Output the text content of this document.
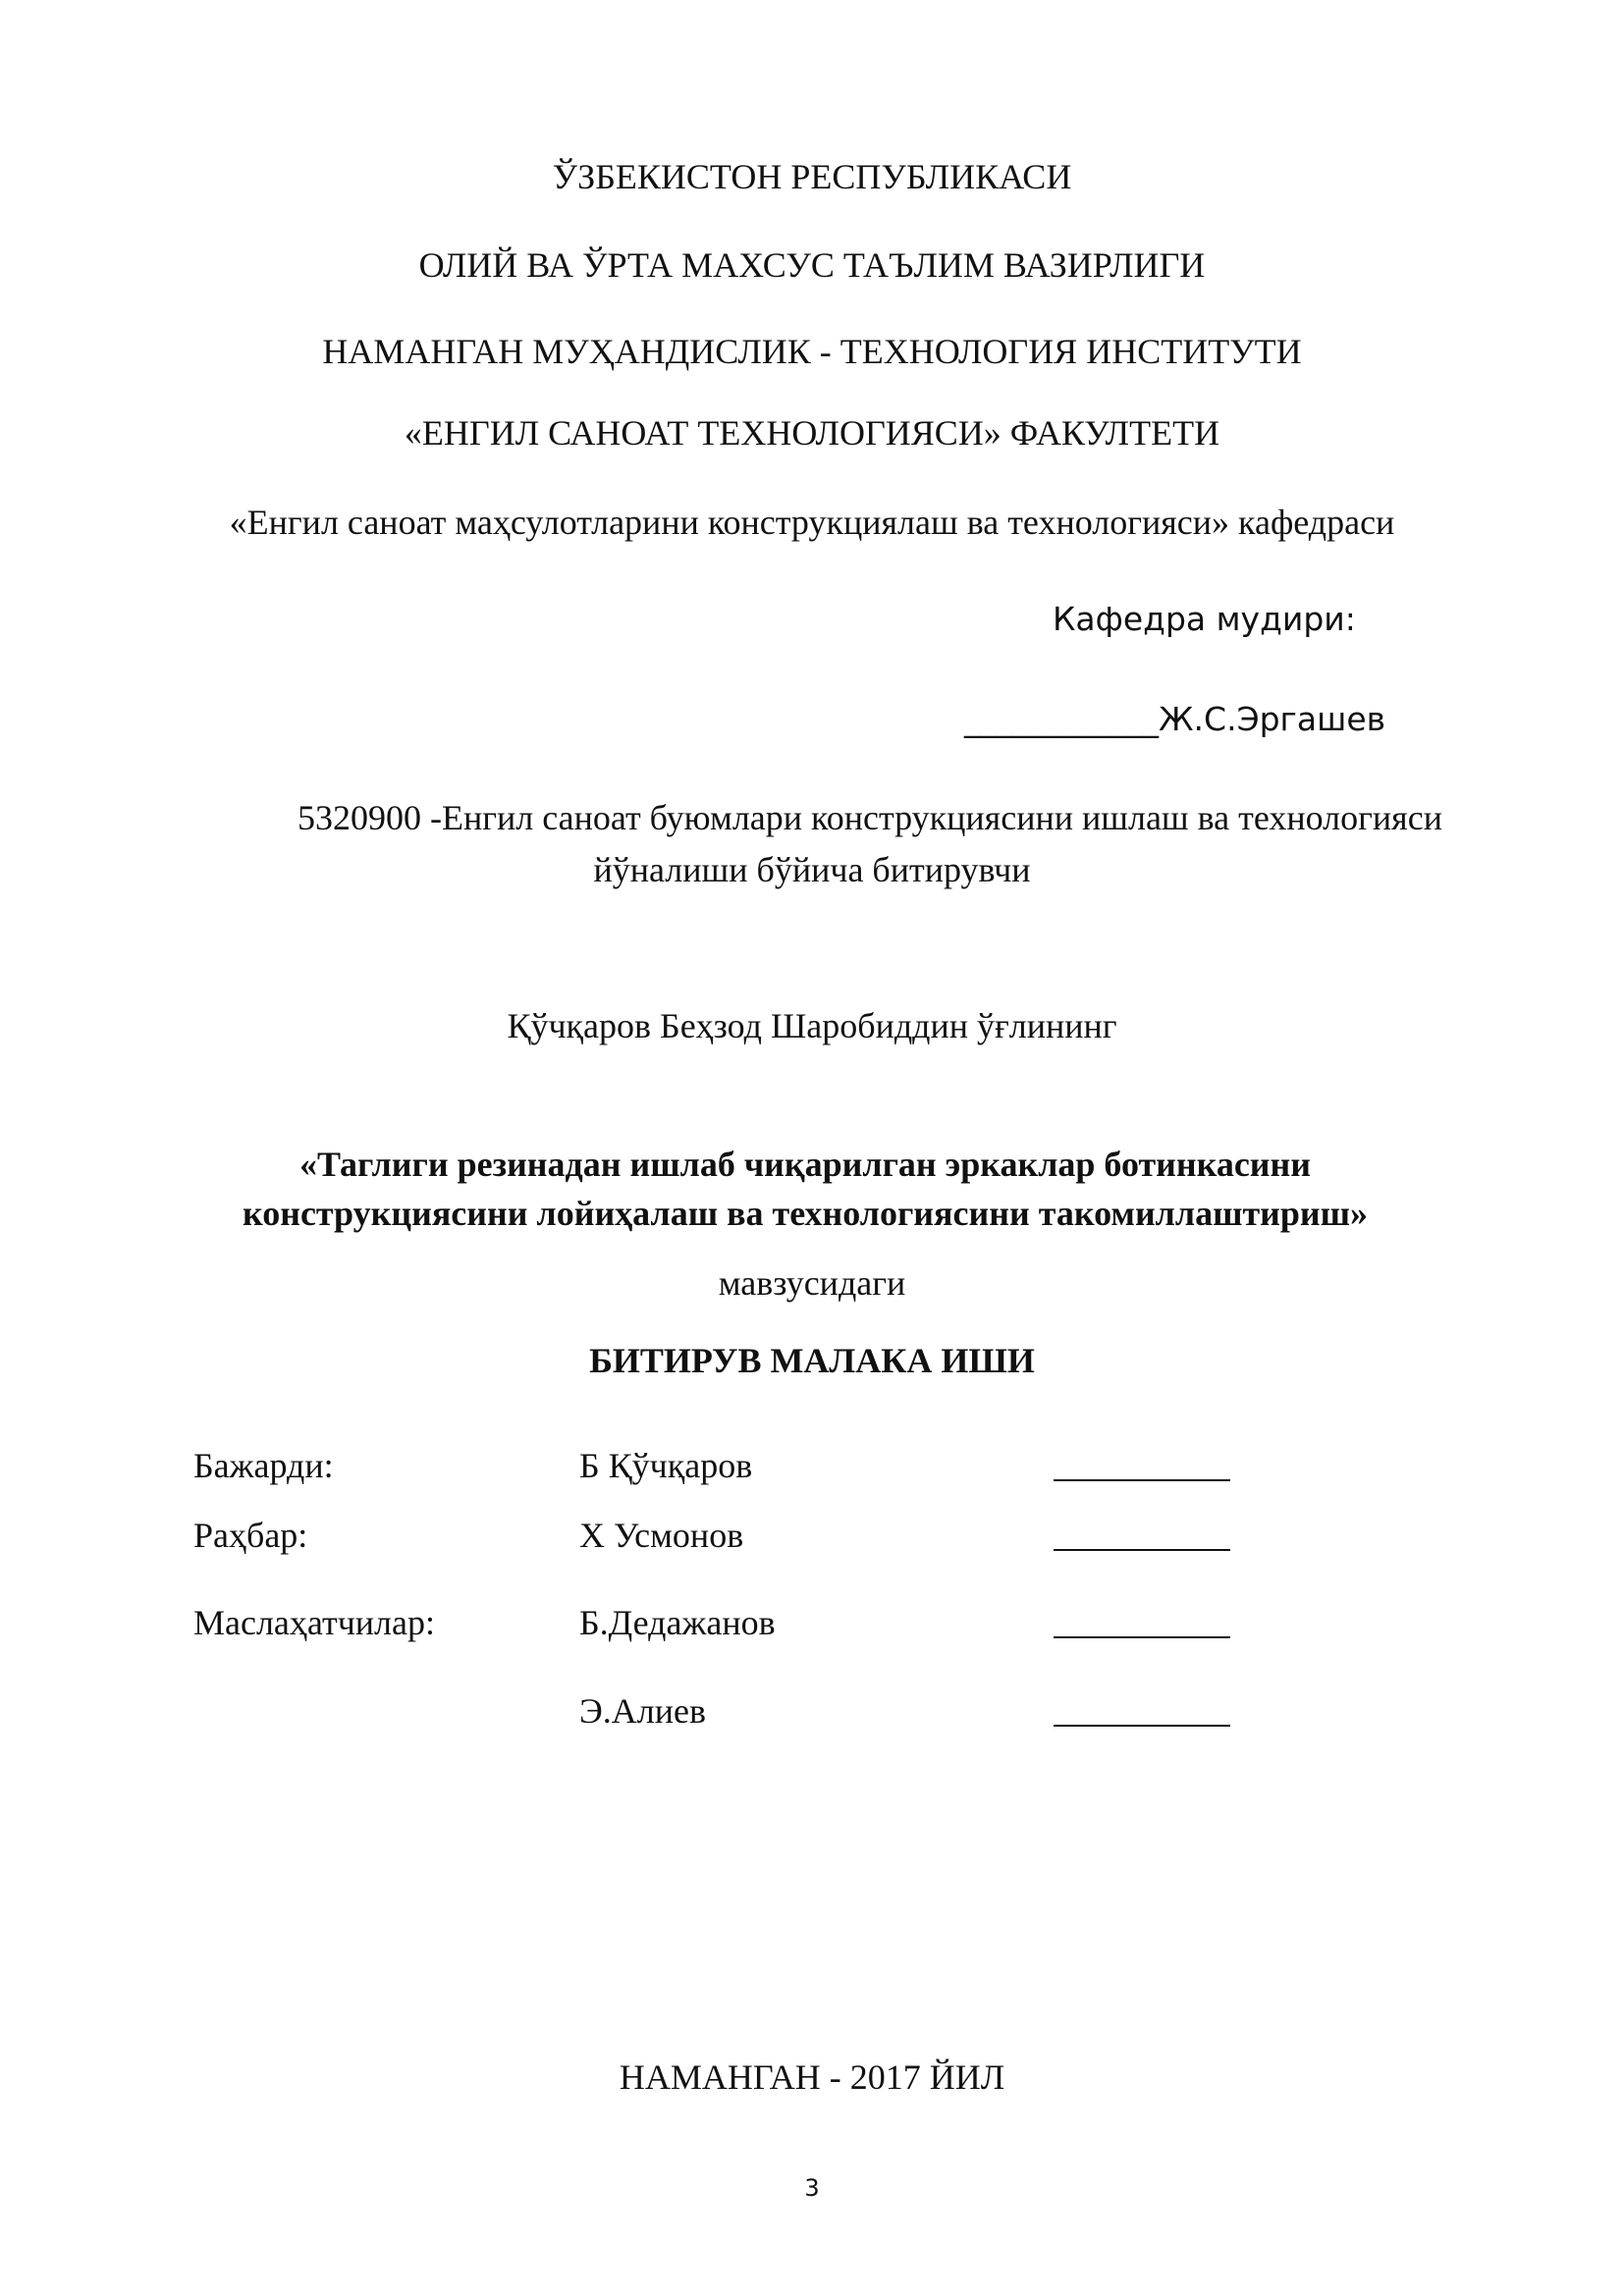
ЎЗБЕКИСТОН РЕСПУБЛИКАСИ
ОЛИЙ ВА ЎРТА МАХСУС ТАЪЛИМ ВАЗИРЛИГИ
НАМАНГАН МУҲАНДИСЛИК - ТЕХНОЛОГИЯ ИНСТИТУТИ
«ЕНГИЛ САНОАТ ТЕХНОЛОГИЯСИ» ФАКУЛТЕТИ
«Енгил саноат маҳсулотларини конструкциялаш ва технологияси» кафедраси
Кафедра мудири:
____________Ж.С.Эргашев
5320900 -Енгил саноат буюмлари конструкциясини ишлаш ва технологияси
йўналиши бўйича битирувчи
Қўчқаров Беҳзод Шаробиддин ўғлининг
«Таглиги резинадан ишлаб чиқарилган эркаклар ботинкасини
конструкциясини лойиҳалаш ва технологиясини такомиллаштириш»
мавзусидаги
БИТИРУВ МАЛАКА ИШИ
Бажарди:	Б Қўчқаров
Раҳбар:	Х Усмонов
Маслаҳатчилар:	Б.Дедажанов
Э.Алиев
НАМАНГАН - 2017 ЙИЛ
3
